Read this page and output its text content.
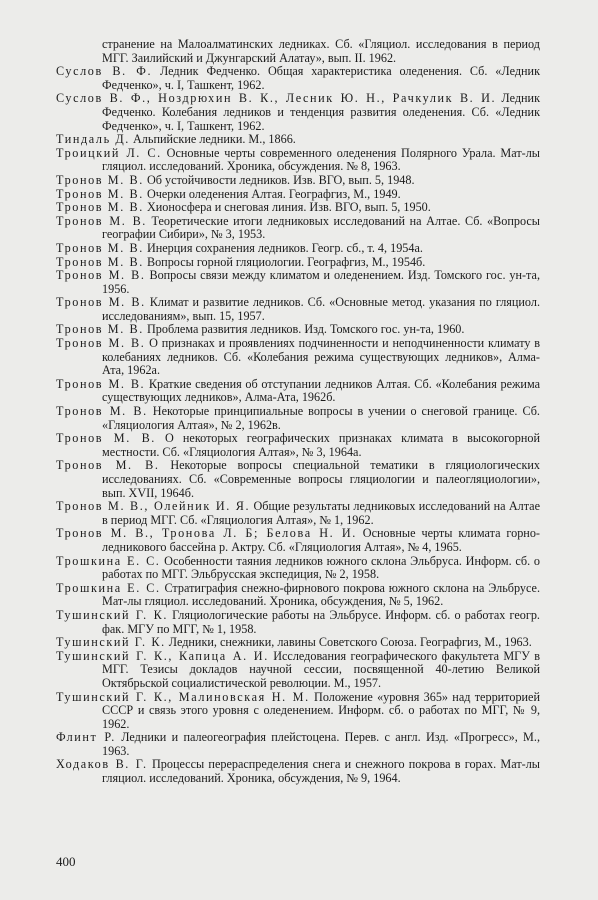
странение на Малоалматинских ледниках. Сб. «Гляциол. исследования в период МГГ. Заилийский и Джунгарский Алатау», вып. II. 1962.
Суслов В. Ф. Ледник Федченко. Общая характеристика оледенения. Сб. «Ледник Федченко», ч. I, Ташкент, 1962.
Суслов В. Ф., Ноздрюхин В. К., Лесник Ю. Н., Рачкулик В. И. Ледник Федченко. Колебания ледников и тенденция развития оледенения. Сб. «Ледник Федченко», ч. I, Ташкент, 1962.
Тиндаль Д. Альпийские ледники. М., 1866.
Троицкий Л. С. Основные черты современного оледенения Полярного Урала. Мат-лы гляциол. исследований. Хроника, обсуждения. № 8, 1963.
Тронов М. В. Об устойчивости ледников. Изв. ВГО, вып. 5, 1948.
Тронов М. В. Очерки оледенения Алтая. Географгиз, М., 1949.
Тронов М. В. Хионосфера и снеговая линия. Изв. ВГО, вып. 5, 1950.
Тронов М. В. Теоретические итоги ледниковых исследований на Алтае. Сб. «Вопросы географии Сибири», № 3, 1953.
Тронов М. В. Инерция сохранения ледников. Геогр. сб., т. 4, 1954а.
Тронов М. В. Вопросы горной гляциологии. Географгиз, М., 1954б.
Тронов М. В. Вопросы связи между климатом и оледенением. Изд. Томского гос. ун-та, 1956.
Тронов М. В. Климат и развитие ледников. Сб. «Основные метод. указания по гляциол. исследованиям», вып. 15, 1957.
Тронов М. В. Проблема развития ледников. Изд. Томского гос. ун-та, 1960.
Тронов М. В. О признаках и проявлениях подчиненности и неподчиненности климату в колебаниях ледников. Сб. «Колебания режима существующих ледников», Алма-Ата, 1962а.
Тронов М. В. Краткие сведения об отступании ледников Алтая. Сб. «Колебания режима существующих ледников», Алма-Ата, 1962б.
Тронов М. В. Некоторые принципиальные вопросы в учении о снеговой границе. Сб. «Гляциология Алтая», № 2, 1962в.
Тронов М. В. О некоторых географических признаках климата в высокогорной местности. Сб. «Гляциология Алтая», № 3, 1964а.
Тронов М. В. Некоторые вопросы специальной тематики в гляциологических исследованиях. Сб. «Современные вопросы гляциологии и палеогляциологии», вып. XVII, 1964б.
Тронов М. В., Олейник И. Я. Общие результаты ледниковых исследований на Алтае в период МГГ. Сб. «Гляциология Алтая», № 1, 1962.
Тронов М. В., Тронова Л. Б; Белова Н. И. Основные черты климата горно-ледникового бассейна р. Актру. Сб. «Гляциология Алтая», № 4, 1965.
Трошкина Е. С. Особенности таяния ледников южного склона Эльбруса. Информ. сб. о работах по МГГ. Эльбрусская экспедиция, № 2, 1958.
Трошкина Е. С. Стратиграфия снежно-фирнового покрова южного склона на Эльбрусе. Мат-лы гляциол. исследований. Хроника, обсуждения, № 5, 1962.
Тушинский Г. К. Гляциологические работы на Эльбрусе. Информ. сб. о работах геогр. фак. МГУ по МГГ, № 1, 1958.
Тушинский Г. К. Ледники, снежники, лавины Советского Союза. Географгиз, М., 1963.
Тушинский Г. К., Капица А. И. Исследования географического факультета МГУ в МГГ. Тезисы докладов научной сессии, посвященной 40-летию Великой Октябрьской социалистической революции. М., 1957.
Тушинский Г. К., Малиновская Н. М. Положение «уровня 365» над территорией СССР и связь этого уровня с оледенением. Информ. сб. о работах по МГГ, № 9, 1962.
Флинт Р. Ледники и палеогеография плейстоцена. Перев. с англ. Изд. «Прогресс», М., 1963.
Ходаков В. Г. Процессы перераспределения снега и снежного покрова в горах. Мат-лы гляциол. исследований. Хроника, обсуждения, № 9, 1964.
400
